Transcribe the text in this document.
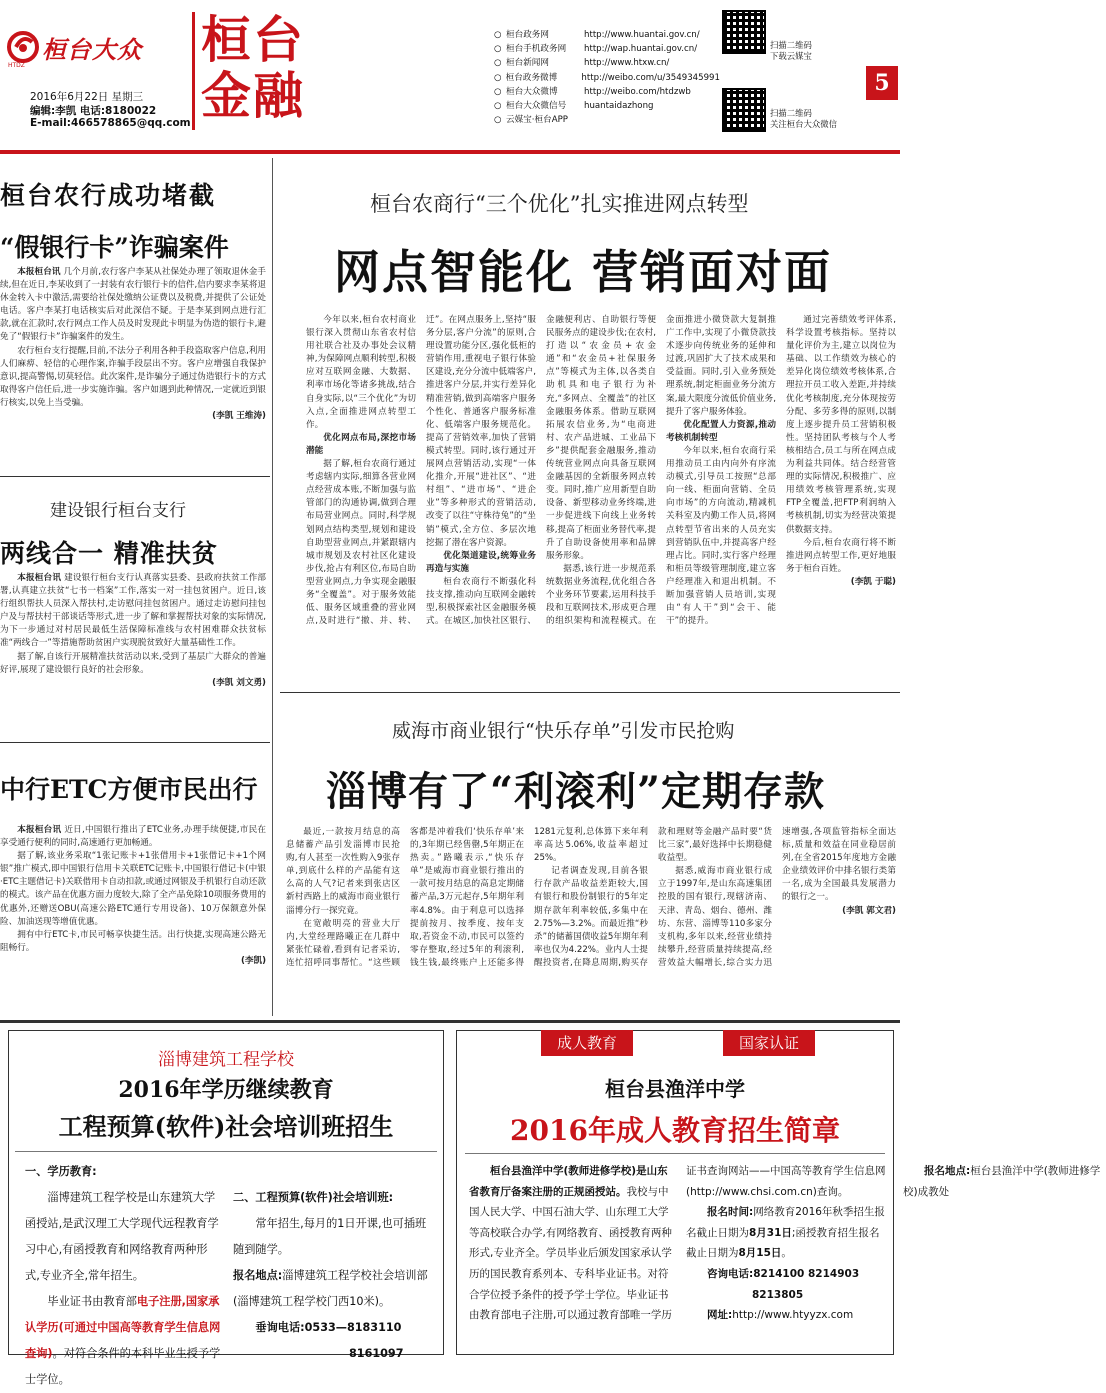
桓台大众
HTDZ
2016年6月22日 星期三
编辑:李凯 电话:8180022
E-mail:466578865@qq.com
桓台
金融
○ 桓台政务网	http://www.huantai.gov.cn/
○ 桓台手机政务网	http://wap.huantai.gov.cn/
○ 桓台新闻网	http://www.htxw.cn/
○ 桓台政务微博	http://weibo.com/u/3549345991
○ 桓台大众微博	http://weibo.com/htdzwb
○ 桓台大众微信号	huantaidazhong
○ 云媒宝·桓台APP
扫描二维码
下载云媒宝
扫描二维码
关注桓台大众微信
5
桓台农行成功堵截
“假银行卡”诈骗案件

本报桓台讯 几个月前,农行客户李某从社保处办理了领取退休金手续,但在近日,李某收到了一封装有农行银行卡的信件,信内要求李某将退休金转入卡中激活,需要给社保处缴纳公证费以及税费,并提供了公证处电话。客户李某打电话核实后对此深信不疑。于是李某到网点进行汇款,就在汇款时,农行网点工作人员及时发现此卡明显为伪造的银行卡,避免了“假银行卡”诈骗案件的发生。

农行桓台支行提醒,目前,不法分子利用各种手段盗取客户信息,利用人们麻痹、轻信的心理作案,诈骗手段层出不穷。客户应增强自我保护意识,提高警惕,切莫轻信。此次案件,是诈骗分子通过伪造银行卡的方式取得客户信任后,进一步实施诈骗。客户如遇到此种情况,一定就近到银行核实,以免上当受骗。

(李凯 王维涛)
建设银行桓台支行
两线合一 精准扶贫

本报桓台讯 建设银行桓台支行认真落实县委、县政府扶贫工作部署,认真建立扶贫“七书一档案”工作,落实一对一挂包贫困户。近日,该行组织帮扶人员深入帮扶村,走访慰问挂包贫困户。通过走访慰问挂包户及与帮扶村干部谈话等形式,进一步了解和掌握帮扶对象的实际情况,为下一步通过对村居民最低生活保障标准线与农村困难群众扶贫标准“两线合一”等措施帮助贫困户实现脱贫致好大量基础性工作。

据了解,自该行开展精准扶贫活动以来,受到了基层广大群众的普遍好评,展现了建设银行良好的社会形象。

(李凯 刘文勇)
中行ETC方便市民出行

本报桓台讯 近日,中国银行推出了ETC业务,办理手续便捷,市民在享受通行便利的同时,高速通行更加畅通。

据了解,该业务采取“1张记账卡+1张借用卡+1张借记卡+1个网银”推广模式,即中国银行信用卡关联ETC记账卡,中国银行借记卡(中银·ETC主题借记卡)关联借用卡自动扣款,或通过网银及手机银行自动还款的模式。该产品在优惠方面力度较大,除了全产品免除10项服务费用的优惠外,还赠送OBU(高速公路ETC通行专用设备)、10万保额意外保险、加油送现等增值优惠。

拥有中行ETC卡,市民可畅享快捷生活。出行快捷,实现高速公路无阻畅行。

(李凯)
桓台农商行“三个优化”扎实推进网点转型
网点智能化 营销面对面

今年以来,桓台农村商业银行深入贯彻山东省农村信用社联合社及办事处会议精神,为保障网点顺利转型,积极应对互联网金融、大数据、利率市场化等诸多挑战,结合自身实际,以“三个优化”为切入点,全面推进网点转型工作。

优化网点布局,深挖市场潜能

据了解,桓台农商行通过考虑辖内实际,细算各营业网点经营成本账,不断加强与监管部门的沟通协调,做到合理布局营业网点。同时,科学规划网点结构类型,规划和建设自助型营业网点,并紧跟辖内城市规划及农村社区化建设步伐,抢占有利区位,布局自助型营业网点,力争实现金融服务“全覆盖”。对于服务效能低、服务区域重叠的营业网点,及时进行“撤、并、转、迁”。在网点服务上,坚持“服务分层,客户分流”的原则,合理设置功能分区,强化低柜的营销作用,重视电子银行体验区建设,充分分流中低端客户,推进客户分层,并实行差异化精准营销,做到高端客户服务个性化、普通客户服务标准化、低端客户服务规范化。提高了营销效率,加快了营销模式转型。同时,该行通过开展网点营销活动,实现“一体化推介,开展“进社区”、“进村组”、“进市场”、“进企业”等多种形式的营销活动,改变了以往“守株待兔”的“坐销”模式,全方位、多层次地挖掘了潜在客户资源。

优化渠道建设,统筹业务再造与实施

桓台农商行不断强化科技支撑,推动向互联网金融转型,积极探索社区金融服务模式。在城区,加快社区银行、金融便利店、自助银行等便民服务点的建设步伐;在农村,打造以“农金员+农金通”和“农金员+社保服务点”等模式为主体,以各类自助机具和电子银行为补充,“多网点、全覆盖”的社区金融服务体系。借助互联网拓展农信业务,为“电商进村、农产品进城、工业品下乡”提供配套金融服务,推动传统营业网点向具备互联网金融基因的全新服务网点转变。同时,推广应用新型自助设备、新型移动业务终端,进一步促进线下向线上业务转移,提高了柜面业务替代率,提升了自助设备使用率和品牌服务形象。

据悉,该行进一步规范系统数据业务流程,优化组合各个业务环节要素,运用科技手段和互联网技术,形成更合理的组织架构和流程模式。在金面推进小微贷款大复制推广工作中,实现了小微贷款技术逐步向传统业务的延伸和过渡,巩固扩大了技术成果和受益面。同时,引入业务预处理系统,制定柜面业务分流方案,最大限度分流低价值业务,提升了客户服务体验。

优化配置人力资源,推动考核机制转型

今年以来,桓台农商行采用推动员工由内向外有序流动模式,引导员工按照“总部向一线、柜面向营销、全员向市场”的方向流动,精减机关科室及内勤工作人员,将网点转型节省出来的人员充实到营销队伍中,并提高客户经理占比。同时,实行客户经理和柜员等级管理制度,建立客户经理准入和退出机制。不断加强营销人员培训,实现由“有人干”到“会干、能干”的提升。

通过完善绩效考评体系,科学设置考核指标。坚持以量化评价为主,建立以岗位为基础、以工作绩效为核心的差异化岗位绩效考核体系,合理拉开员工收入差距,并持续优化考核制度,充分体现按劳分配、多劳多得的原则,以制度上逐步提升员工营销积极性。坚持团队考核与个人考核相结合,员工与所在网点成为利益共同体。结合经营管理的实际情况,积极推广、应用绩效考核管理系统,实现FTP全覆盖,把FTP利润纳入考核机制,切实为经营决策提供数据支持。

今后,桓台农商行将不断推进网点转型工作,更好地服务于桓台百姓。

(李凯 于聪)
威海市商业银行“快乐存单”引发市民抢购
淄博有了“利滚利”定期存款

最近,一款按月结息的高息储蓄产品引发淄博市民抢购,有人甚至一次性购入9张存单,到底什么样的产品能有这么高的人气?记者来到张店区新村西路上的威海市商业银行淄博分行一探究竟。

在宽敞明亮的营业大厅内,大堂经理路曦正在几群中紧张忙碌着,看到有记者采访,连忙招呼同事帮忙。“这些顾客都是冲着我们‘快乐存单’来的,3年期已经售罄,5年期正在热卖。”路曦表示,“快乐存单”是威海市商业银行推出的一款可按月结息的高息定期储蓄产品,3万元起存,5年期年利率4.8%。由于利息可以选择提前按月、按季度、按年支取,若资金不动,市民可以签约零存整取,经过5年的利滚利,钱生钱,最终账户上还能多得1281元复利,总体算下来年利率高达5.06%,收益率超过25%。

记者调查发现,目前各银行存款产品收益差距较大,国有银行和股份制银行的5年定期存款年利率较低,多集中在2.75%—3.2%。而最近推“秒杀”的储蓄国债收益5年期年利率也仅为4.22%。业内人士提醒投资者,在降息周期,购买存款和理财等金融产品时要“货比三家”,最好选择中长期稳健收益型。

据悉,威海市商业银行成立于1997年,是山东高速集团控股的国有银行,现辖济南、天津、青岛、烟台、德州、潍坊、东营、淄博等110多家分支机构,多年以来,经营业绩持续攀升,经营质量持续提高,经营效益大幅增长,综合实力迅速增强,各项监管指标全面达标,质量和效益在同业稳居前列,在全省2015年度地方金融企业绩效评价中排名银行类第一名,成为全国最具发展潜力的银行之一。

(李凯 郭文君)
淄博建筑工程学校
2016年学历继续教育
工程预算(软件)社会培训班招生
一、学历教育:
淄博建筑工程学校是山东建筑大学函授站,是武汉理工大学现代远程教育学习中心,有函授教育和网络教育两种形式,专业齐全,常年招生。
毕业证书由教育部电子注册,国家承认学历(可通过中国高等教育学生信息网查询)。对符合条件的本科毕业生授予学士学位。
二、工程预算(软件)社会培训班:
常年招生,每月的1日开课,也可插班随到随学。
报名地点:淄博建筑工程学校社会培训部(淄博建筑工程学校门西10米)。
垂询电话:0533—8183110
8161097
成人教育	国家认证
桓台县渔洋中学
2016年成人教育招生简章
桓台县渔洋中学(教师进修学校)是山东省教育厅备案注册的正规函授站。我校与中国人民大学、中国石油大学、山东理工大学等高校联合办学,有网络教育、函授教育两种形式,专业齐全。学员毕业后颁发国家承认学历的国民教育系列本、专科毕业证书。对符合学位授予条件的授予学士学位。毕业证书由教育部电子注册,可以通过教育部唯一学历证书查询网站——中国高等教育学生信息网(http://www.chsi.com.cn)查询。
报名时间:网络教育2016年秋季招生报名截止日期为8月31日;函授教育招生报名截止日期为8月15日。
咨询电话:8214100 8214903
8213805
网址:http://www.htyyzx.com
报名地点:桓台县渔洋中学(教师进修学校)成教处
